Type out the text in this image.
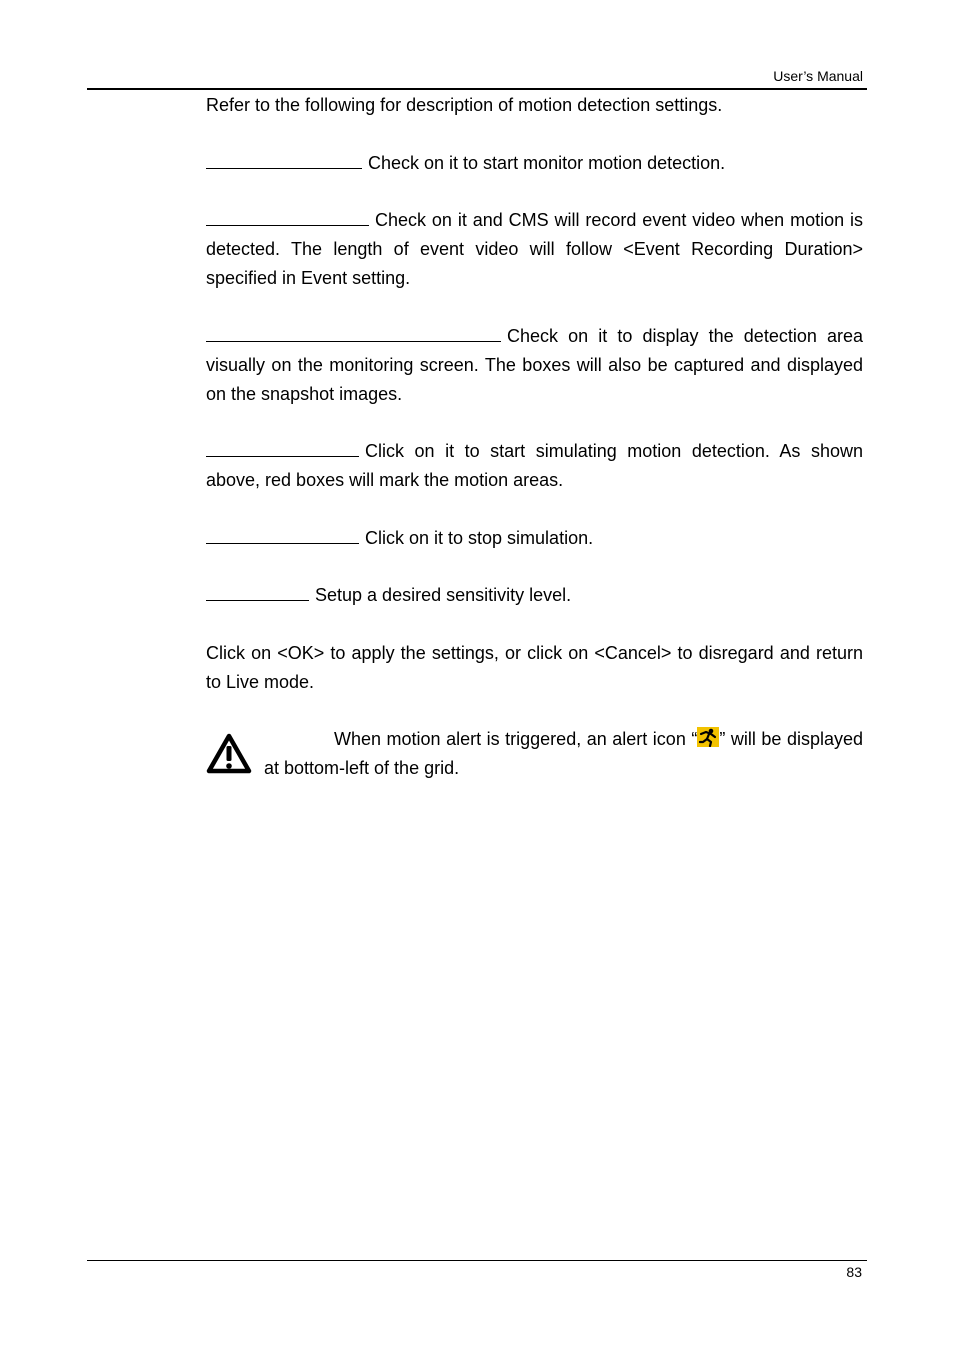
User’s Manual

Refer to the following for description of motion detection settings.

Check on it to start monitor motion detection.

Check on it and CMS will record event video when motion is detected. The length of event video will follow <Event Recording Duration> specified in Event setting.

Check on it to display the detection area visually on the monitoring screen. The boxes will also be captured and displayed on the snapshot images.

Click on it to start simulating motion detection. As shown above, red boxes will mark the motion areas.

Click on it to stop simulation.

Setup a desired sensitivity level.

Click on <OK> to apply the settings, or click on <Cancel> to disregard and return to Live mode.

When motion alert is triggered, an alert icon “ ” will be displayed at bottom-left of the grid.

83
